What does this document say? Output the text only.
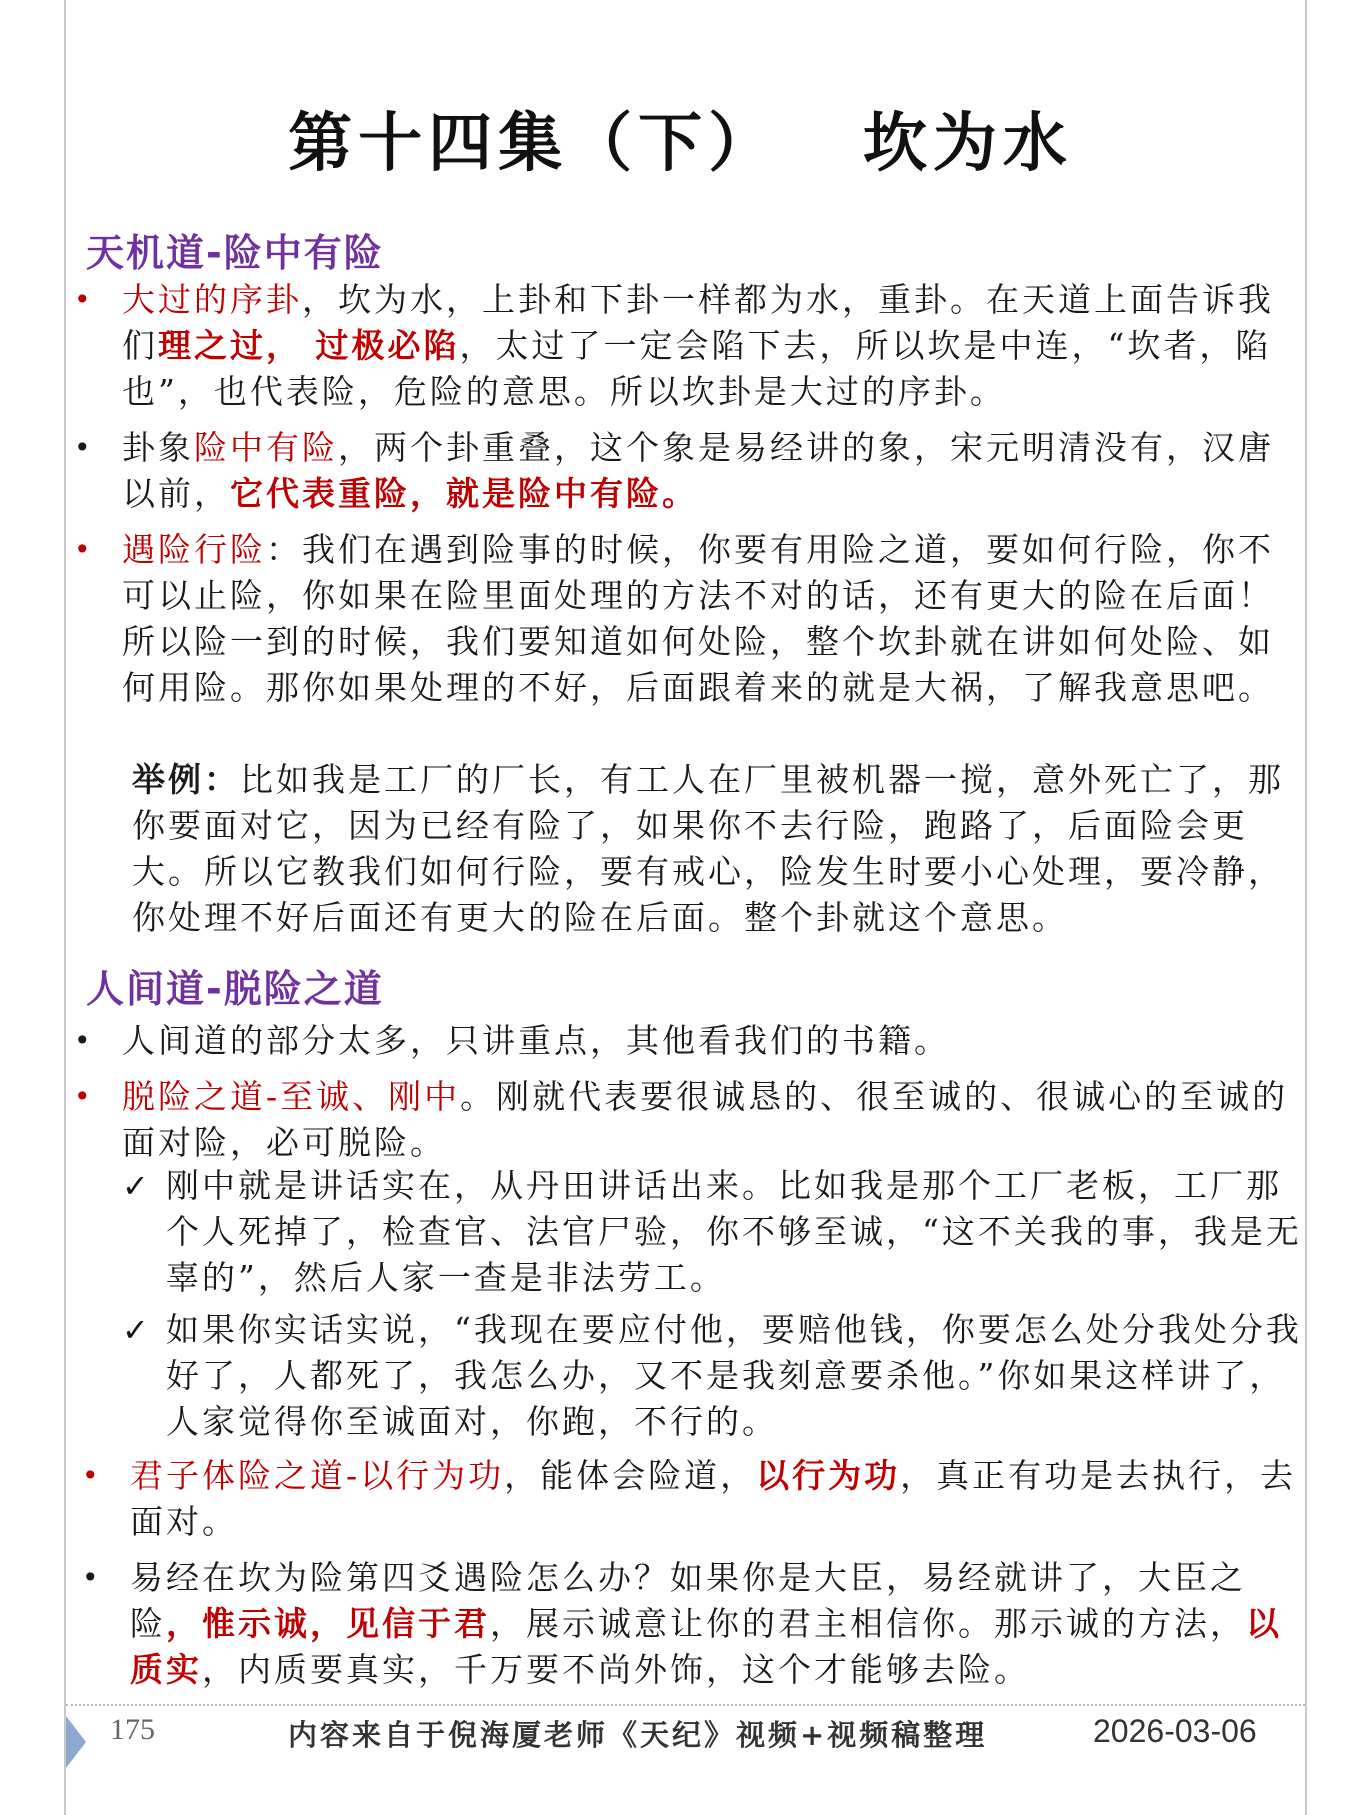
第十四集（下）   坎为水
天机道-险中有险
• 大过的序卦，坎为水，上卦和下卦一样都为水，重卦。在天道上面告诉我们理之过， 过极必陷，太过了一定会陷下去，所以坎是中连，“坎者，陷也”，也代表险，危险的意思。所以坎卦是大过的序卦。
• 卦象险中有险，两个卦重叠，这个象是易经讲的象，宋元明清没有，汉唐以前，它代表重险，就是险中有险。
• 遇险行险：我们在遇到险事的时候，你要有用险之道，要如何行险，你不可以止险，你如果在险里面处理的方法不对的话，还有更大的险在后面！所以险一到的时候，我们要知道如何处险，整个坎卦就在讲如何处险、如何用险。那你如果处理的不好，后面跟着来的就是大祸，了解我意思吧。
举例：比如我是工厂的厂长，有工人在厂里被机器一搅，意外死亡了，那你要面对它，因为已经有险了，如果你不去行险，跑路了，后面险会更大。所以它教我们如何行险，要有戒心，险发生时要小心处理，要冷静，你处理不好后面还有更大的险在后面。整个卦就这个意思。
人间道-脱险之道
• 人间道的部分太多，只讲重点，其他看我们的书籍。
• 脱险之道-至诚、刚中。刚就代表要很诚恳的、很至诚的、很诚心的至诚的面对险，必可脱险。
✓ 刚中就是讲话实在，从丹田讲话出来。比如我是那个工厂老板，工厂那个人死掉了，检查官、法官尸验，你不够至诚，“这不关我的事，我是无辜的”，然后人家一查是非法劳工。
✓ 如果你实话实说，“我现在要应付他，要赔他钱，你要怎么处分我处分我好了，人都死了，我怎么办，又不是我刻意要杀他。”你如果这样讲了，人家觉得你至诚面对，你跑，不行的。
• 君子体险之道-以行为功，能体会险道，以行为功，真正有功是去执行，去面对。
• 易经在坎为险第四爻遇险怎么办？如果你是大臣，易经就讲了，大臣之险，惟示诚，见信于君，展示诚意让你的君主相信你。那示诚的方法，以质实，内质要真实，千万要不尚外饰，这个才能够去险。
175	内容来自于倪海厦老师《天纪》视频+视频稿整理	2026-03-06
